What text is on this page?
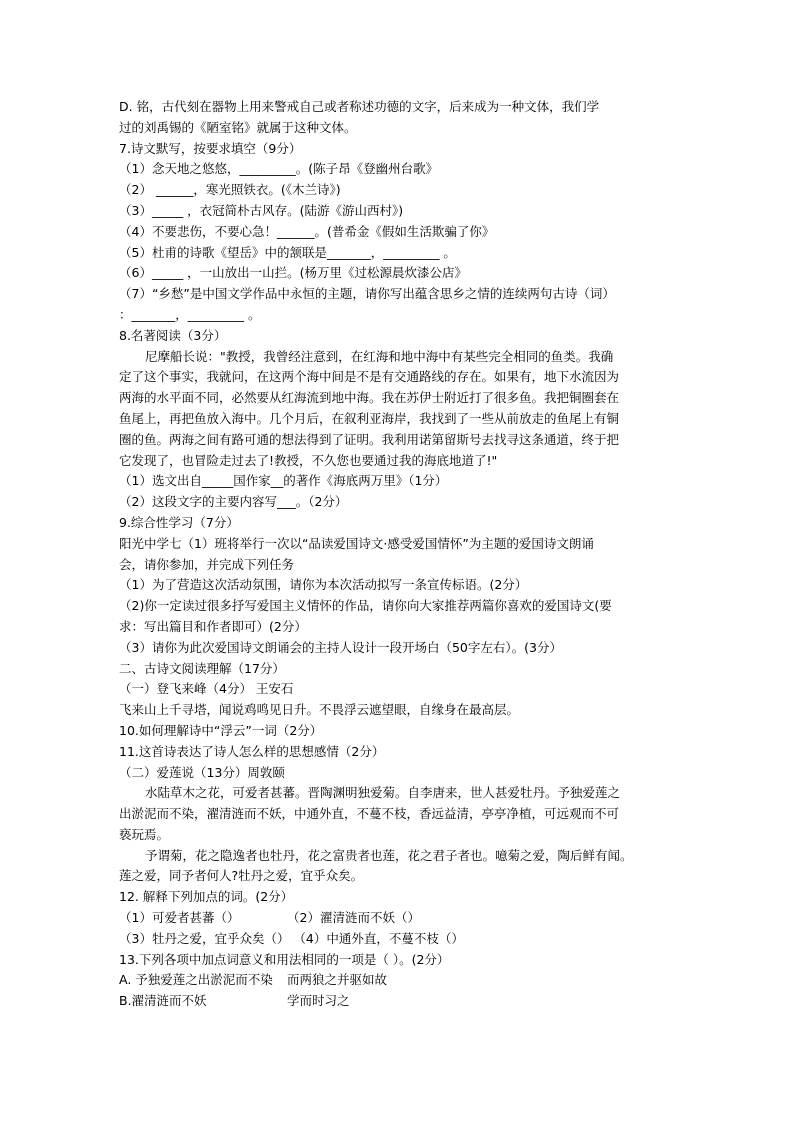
D. 铭，古代刻在器物上用来警戒自己或者称述功德的文字，后来成为一种文体，我们学
过的刘禹锡的《陋室铭》就属于这种文体。
7.诗文默写，按要求填空（9分）
（1）念天地之悠悠，_________。(陈子昂《登幽州台歌》
（2） ______，寒光照铁衣。(《木兰诗》)
（3）_____ ，衣冠简朴古风存。(陆游《游山西村》)
（4）不要悲伤，不要心急！______。(普希金《假如生活欺骗了你》
（5）杜甫的诗歌《望岳》中的颔联是_______，_________ 。
（6）_____ ，一山放出一山拦。(杨万里《过松源晨炊漆公店》
（7）“乡愁”是中国文学作品中永恒的主题，请你写出蕴含思乡之情的连续两句古诗（词）
：_______，_________ 。
8.名著阅读（3分）
尼摩船长说："教授，我曾经注意到，在红海和地中海中有某些完全相同的鱼类。我确
定了这个事实，我就问，在这两个海中间是不是有交通路线的存在。如果有，地下水流因为
两海的水平面不同，必然要从红海流到地中海。我在苏伊士附近打了很多鱼。我把铜圈套在
鱼尾上，再把鱼放入海中。几个月后，在叙利亚海岸，我找到了一些从前放走的鱼尾上有铜
圈的鱼。两海之间有路可通的想法得到了证明。我利用诺第留斯号去找寻这条通道，终于把
它发现了，也冒险走过去了!教授，不久您也要通过我的海底地道了!"
（1）选文出自_____国作家__的著作《海底两万里》（1分）
（2）这段文字的主要内容写___。（2分）
9.综合性学习（7分）
阳光中学七（1）班将举行一次以“品读爱国诗文·感受爱国情怀”为主题的爱国诗文朗诵
会，请你参加，并完成下列任务
（1）为了营造这次活动氛围，请你为本次活动拟写一条宣传标语。(2分）
（2)你一定读过很多抒写爱国主义情怀的作品，请你向大家推荐两篇你喜欢的爱国诗文(要
求：写出篇目和作者即可）(2分）
（3）请你为此次爱国诗文朗诵会的主持人设计一段开场白（50字左右）。(3分）
二、古诗文阅读理解（17分）
（一）登飞来峰（4分） 王安石
飞来山上千寻塔，闻说鸡鸣见日升。不畏浮云遮望眼，自缘身在最高层。
10.如何理解诗中“浮云”一词（2分）
11.这首诗表达了诗人怎么样的思想感情（2分）
（二）爱莲说（13分）周敦颐
水陆草木之花，可爱者甚蕃。晋陶渊明独爱菊。自李唐来，世人甚爱牡丹。予独爱莲之
出淤泥而不染，濯清涟而不妖，中通外直，不蔓不枝，香远益清，亭亭净植，可远观而不可
亵玩焉。
予谓菊，花之隐逸者也牡丹，花之富贵者也莲，花之君子者也。噫菊之爱，陶后鲜有闻。
莲之爱，同予者何人?牡丹之爱，宜乎众矣。
12. 解释下列加点的词。(2分）
（1）可爱者甚蕃（）	（2）濯清涟而不妖（）
（3）牡丹之爱，宜乎众矣（） （4）中通外直，不蔓不枝（）
13.下列各项中加点词意义和用法相同的一项是（ ）。(2分）
A. 予独爱莲之出淤泥而不染 而两狼之并驱如故
B.濯清涟而不妖	学而时习之
